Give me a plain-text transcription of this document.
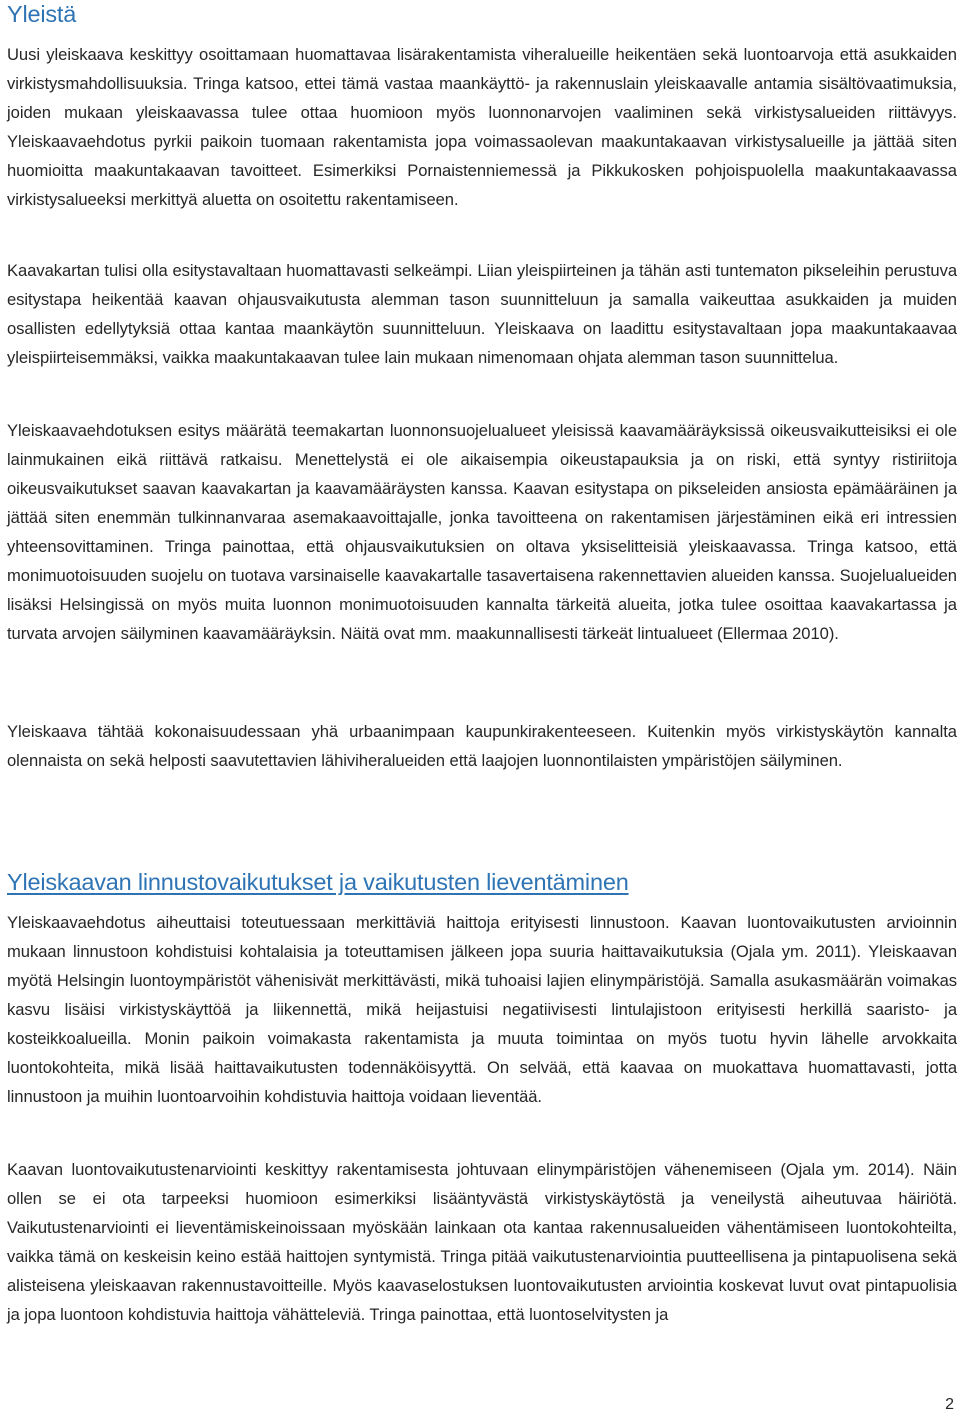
Yleistä

Uusi yleiskaava keskittyy osoittamaan huomattavaa lisärakentamista viheralueille heikentäen sekä luontoarvoja että asukkaiden virkistysmahdollisuuksia. Tringa katsoo, ettei tämä vastaa maankäyttö- ja rakennuslain yleiskaavalle antamia sisältövaatimuksia, joiden mukaan yleiskaavassa tulee ottaa huomioon myös luonnonarvojen vaaliminen sekä virkistysalueiden riittävyys. Yleiskaavaehdotus pyrkii paikoin tuomaan rakentamista jopa voimassaolevan maakuntakaavan virkistysalueille ja jättää siten huomioitta maakuntakaavan tavoitteet. Esimerkiksi Pornaistenniemessä ja Pikkukosken pohjoispuolella maakuntakaavassa virkistysalueeksi merkittyä aluetta on osoitettu rakentamiseen.

Kaavakartan tulisi olla esitystavaltaan huomattavasti selkeämpi. Liian yleispiirteinen ja tähän asti tuntematon pikseleihin perustuva esitystapa heikentää kaavan ohjausvaikutusta alemman tason suunnitteluun ja samalla vaikeuttaa asukkaiden ja muiden osallisten edellytyksiä ottaa kantaa maankäytön suunnitteluun. Yleiskaava on laadittu esitystavaltaan jopa maakuntakaavaa yleispiirteisemmäksi, vaikka maakuntakaavan tulee lain mukaan nimenomaan ohjata alemman tason suunnittelua.

Yleiskaavaehdotuksen esitys määrätä teemakartan luonnonsuojelualueet yleisissä kaavamääräyksissä oikeusvaikutteisiksi ei ole lainmukainen eikä riittävä ratkaisu. Menettelystä ei ole aikaisempia oikeustapauksia ja on riski, että syntyy ristiriitoja oikeusvaikutukset saavan kaavakartan ja kaavamääräysten kanssa. Kaavan esitystapa on pikseleiden ansiosta epämääräinen ja jättää siten enemmän tulkinnanvaraa asemakaavoittajalle, jonka tavoitteena on rakentamisen järjestäminen eikä eri intressien yhteensovittaminen. Tringa painottaa, että ohjausvaikutuksien on oltava yksiselitteisiä yleiskaavassa. Tringa katsoo, että monimuotoisuuden suojelu on tuotava varsinaiselle kaavakartalle tasavertaisena rakennettavien alueiden kanssa. Suojelualueiden lisäksi Helsingissä on myös muita luonnon monimuotoisuuden kannalta tärkeitä alueita, jotka tulee osoittaa kaavakartassa ja turvata arvojen säilyminen kaavamääräyksin. Näitä ovat mm. maakunnallisesti tärkeät lintualueet (Ellermaa 2010).

Yleiskaava tähtää kokonaisuudessaan yhä urbaanimpaan kaupunkirakenteeseen. Kuitenkin myös virkistyskäytön kannalta olennaista on sekä helposti saavutettavien lähiviheralueiden että laajojen luonnontilaisten ympäristöjen säilyminen.

Yleiskaavan linnustovaikutukset ja vaikutusten lieventäminen

Yleiskaavaehdotus aiheuttaisi toteutuessaan merkittäviä haittoja erityisesti linnustoon. Kaavan luontovaikutusten arvioinnin mukaan linnustoon kohdistuisi kohtalaisia ja toteuttamisen jälkeen jopa suuria haittavaikutuksia (Ojala ym. 2011). Yleiskaavan myötä Helsingin luontoympäristöt vähenisivät merkittävästi, mikä tuhoaisi lajien elinympäristöjä. Samalla asukasmäärän voimakas kasvu lisäisi virkistyskäyttöä ja liikennettä, mikä heijastuisi negatiivisesti lintulajistoon erityisesti herkillä saaristo- ja kosteikkoalueilla. Monin paikoin voimakasta rakentamista ja muuta toimintaa on myös tuotu hyvin lähelle arvokkaita luontokohteita, mikä lisää haittavaikutusten todennäköisyyttä. On selvää, että kaavaa on muokattava huomattavasti, jotta linnustoon ja muihin luontoarvoihin kohdistuvia haittoja voidaan lieventää.

Kaavan luontovaikutustenarviointi keskittyy rakentamisesta johtuvaan elinympäristöjen vähenemiseen (Ojala ym. 2014). Näin ollen se ei ota tarpeeksi huomioon esimerkiksi lisääntyvästä virkistyskäytöstä ja veneilystä aiheutuvaa häiriötä. Vaikutustenarviointi ei lieventämiskeinoissaan myöskään lainkaan ota kantaa rakennusalueiden vähentämiseen luontokohteilta, vaikka tämä on keskeisin keino estää haittojen syntymistä. Tringa pitää vaikutustenarviointia puutteellisena ja pintapuolisena sekä alisteisena yleiskaavan rakennustavoitteille. Myös kaavaselostuksen luontovaikutusten arviointia koskevat luvut ovat pintapuolisia ja jopa luontoon kohdistuvia haittoja vähätteleviä. Tringa painottaa, että luontoselvitysten ja

2
